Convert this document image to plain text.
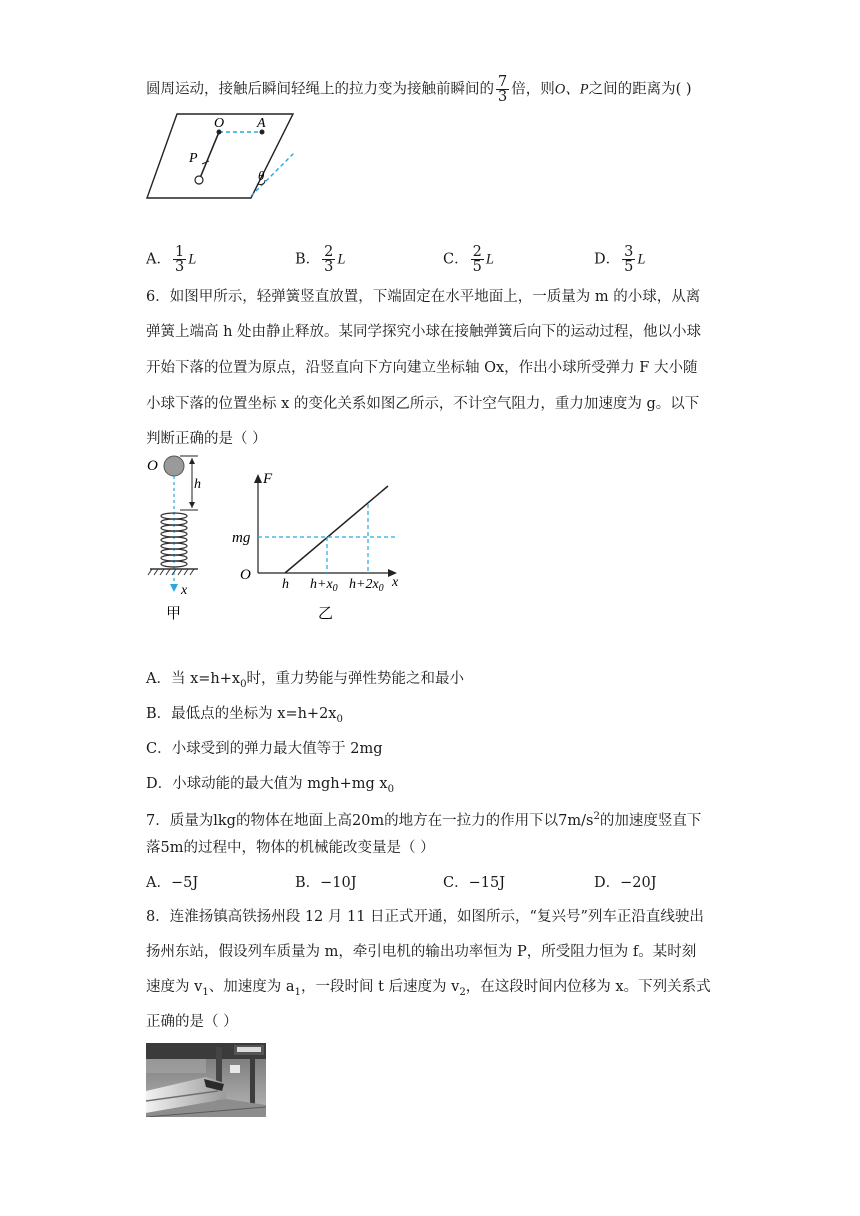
圆周运动，接触后瞬间轻绳上的拉力变为接触前瞬间的 $\frac{7}{3}$ 倍，则O、P之间的距离为( )
O A
P
θ
A． $\frac{1}{3}$ L	B． $\frac{2}{3}$ L	C． $\frac{2}{5}$ L	D． $\frac{3}{5}$ L
6．如图甲所示，轻弹簧竖直放置，下端固定在水平地面上，一质量为 m 的小球，从离
弹簧上端高 h 处由静止释放。某同学探究小球在接触弹簧后向下的运动过程，他以小球
开始下落的位置为原点，沿竖直向下方向建立坐标轴 Ox，作出小球所受弹力 F 大小随
小球下落的位置坐标 x 的变化关系如图乙所示，不计空气阻力，重力加速度为 g。以下
判断正确的是（ ）
O
h
x
甲
F
mg
O
h $h+x_0$ $h+2x_0$ x
乙
A．当 $x=h+x_0$时，重力势能与弹性势能之和最小
B．最低点的坐标为 $x=h+2x_0$
C．小球受到的弹力最大值等于 2mg
D．小球动能的最大值为 mgh+mg $x_0$
7．质量为lkg的物体在地面上高20m的地方在一拉力的作用下以$7m/s^2$的加速度竖直下
落5m的过程中，物体的机械能改变量是（ ）
A．−5J	B．−10J	C．−15J	D．−20J
8．连淮扬镇高铁扬州段 12 月 11 日正式开通，如图所示，“复兴号”列车正沿直线驶出
扬州东站，假设列车质量为 m，牵引电机的输出功率恒为 P，所受阻力恒为 f。某时刻
速度为 $v_1$、加速度为 $a_1$，一段时间 t 后速度为 $v_2$，在这段时间内位移为 x。下列关系式
正确的是（ ）
